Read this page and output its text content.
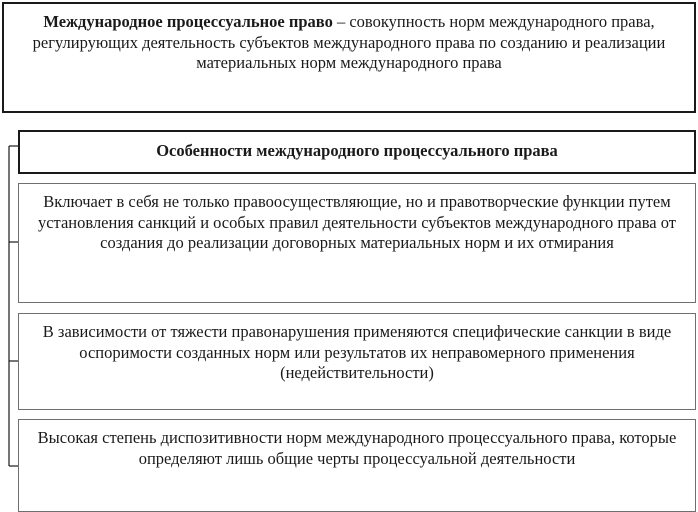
Международное процессуальное право – совокупность норм международного права, регулирующих деятельность субъектов международного права по созданию и реализации материальных норм международного права
Особенности международного процессуального права
Включает в себя не только правоосуществляющие, но и правотворческие функции путем установления санкций и особых правил деятельности субъектов международного права от создания до реализации договорных материальных норм и их отмирания
В зависимости от тяжести правонарушения применяются специфические санкции в виде оспоримости созданных норм или результатов их неправомерного применения (недействительности)
Высокая степень диспозитивности норм международного процессуального права, которые определяют лишь общие черты процессуальной деятельности
